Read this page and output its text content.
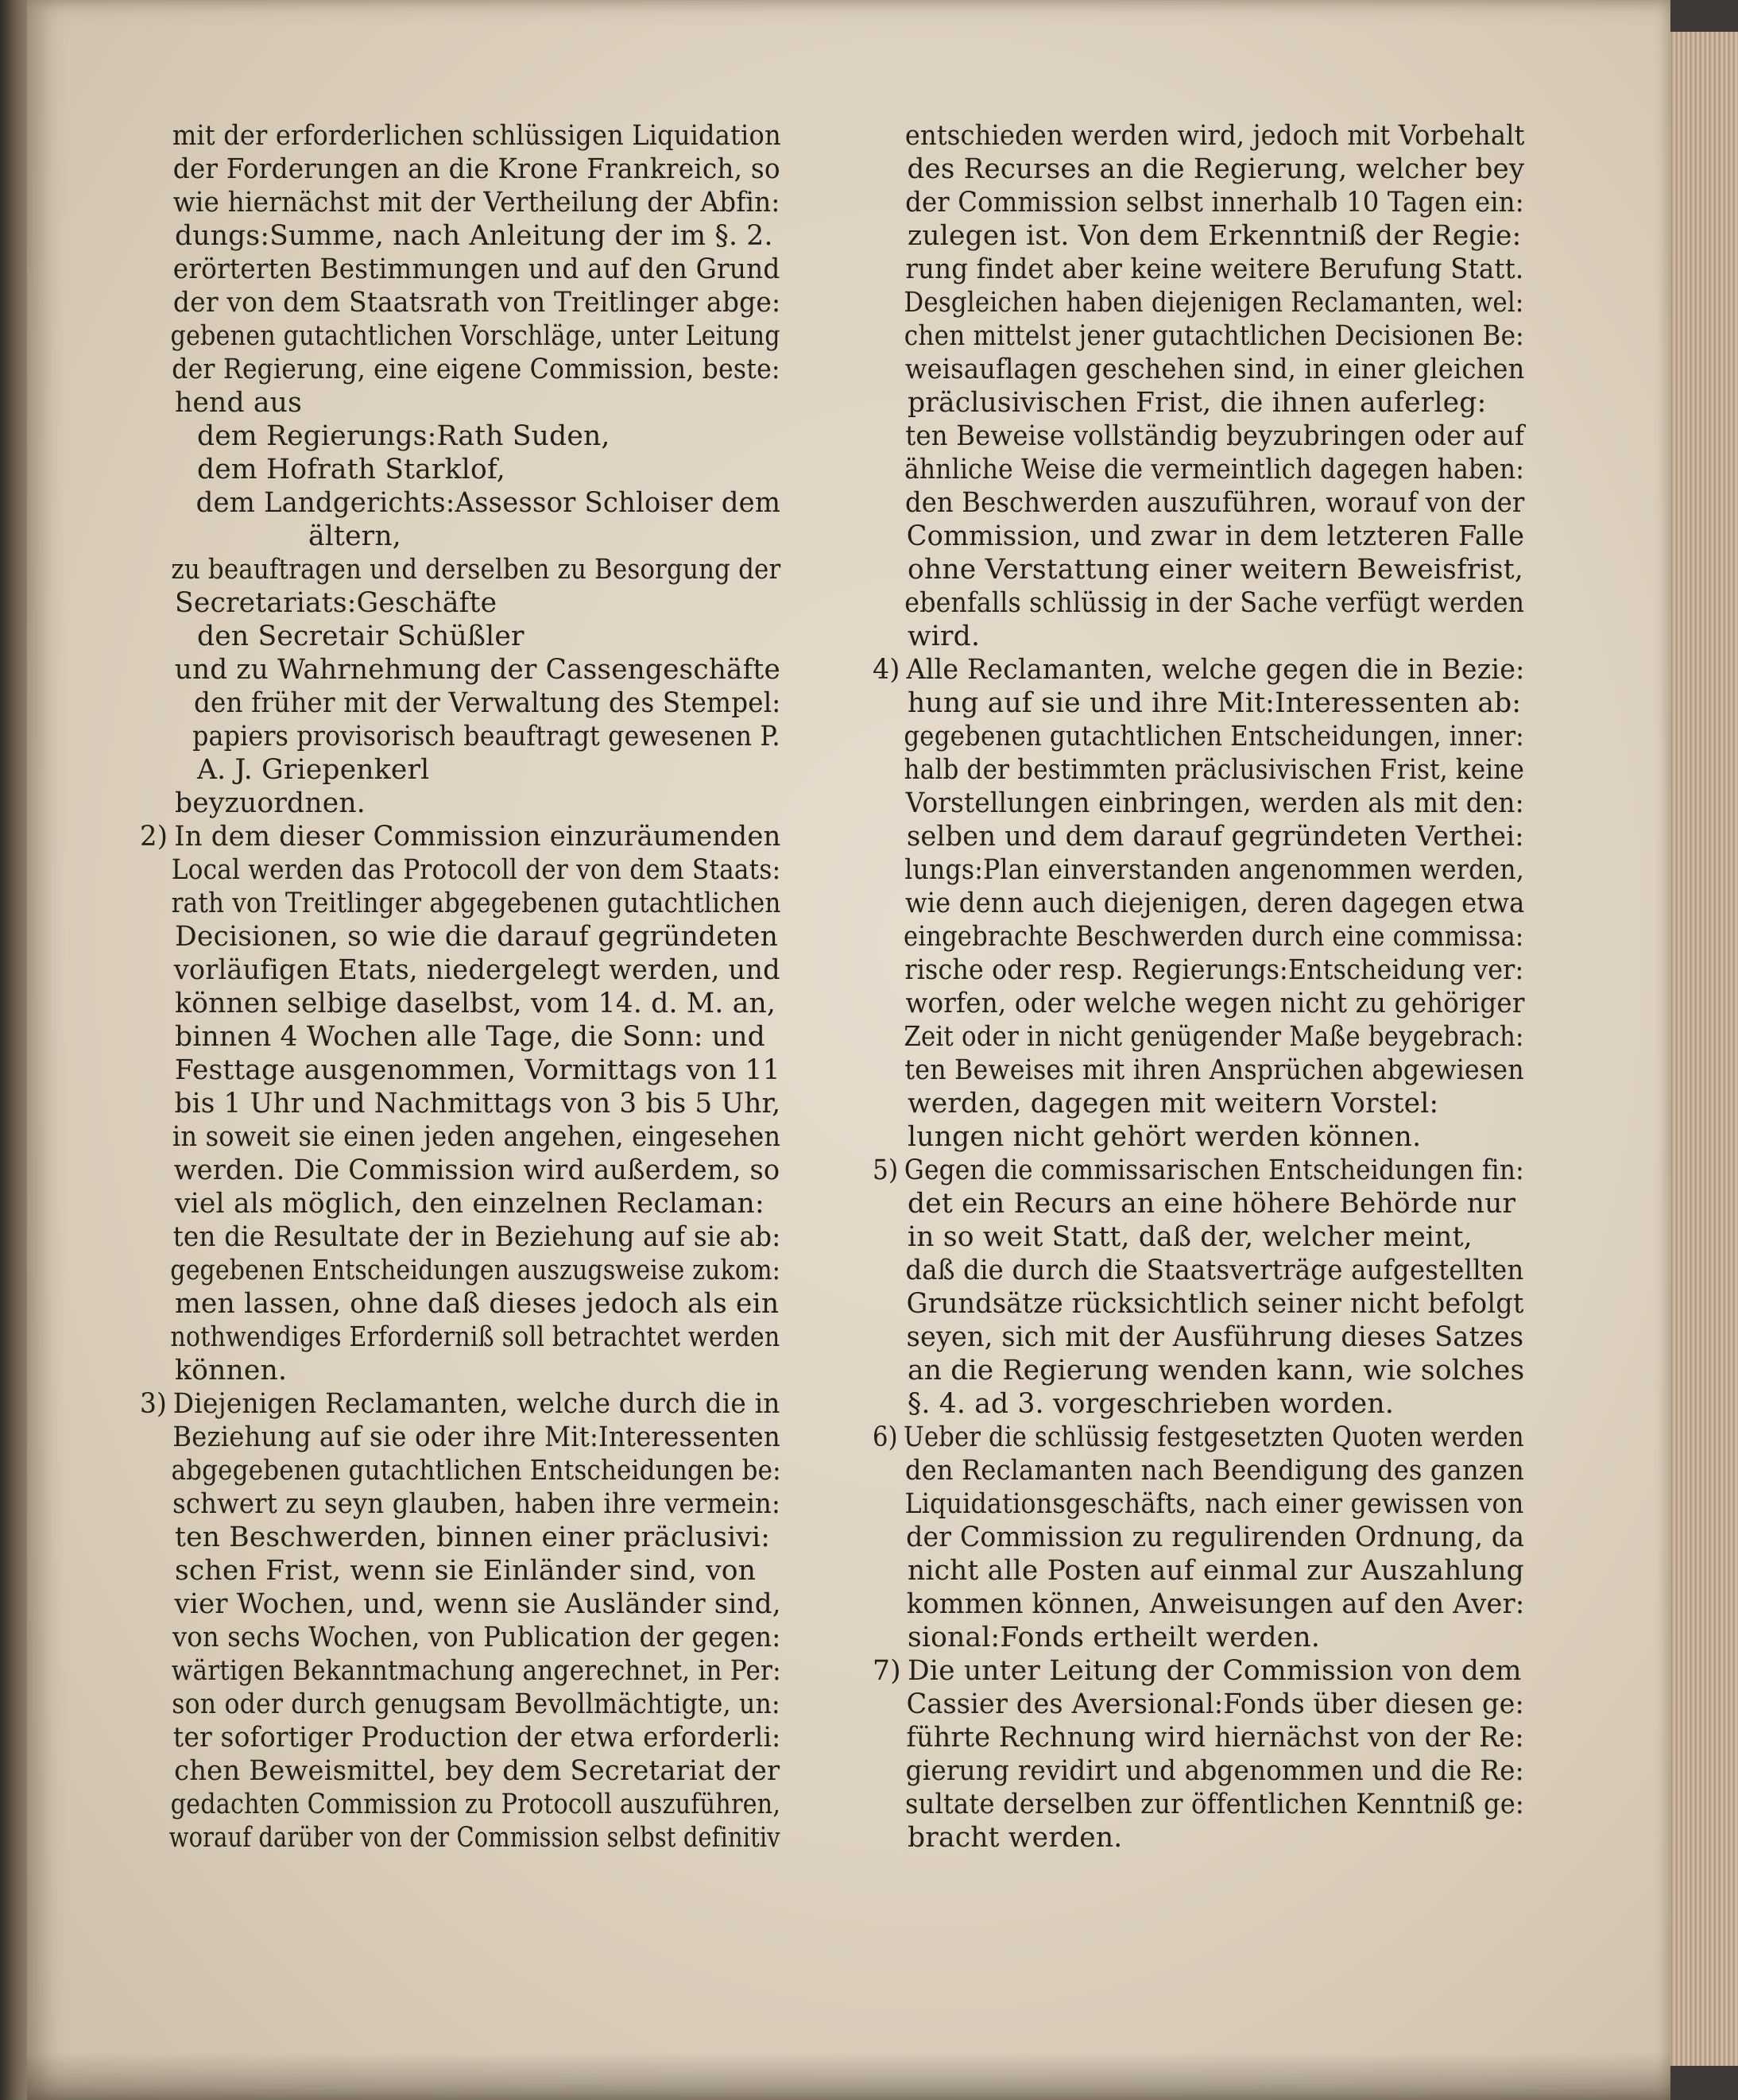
mit der erforderlichen schlüssigen Liquidation
der Forderungen an die Krone Frankreich, so
wie hiernächst mit der Vertheilung der Abfin:
dungs:Summe, nach Anleitung der im §. 2.
erörterten Bestimmungen und auf den Grund
der von dem Staatsrath von Treitlinger abge:
gebenen gutachtlichen Vorschläge, unter Leitung
der Regierung, eine eigene Commission, beste:
hend aus
dem Regierungs:Rath Suden,
dem Hofrath Starklof,
dem Landgerichts:Assessor Schloiser dem
ältern,
zu beauftragen und derselben zu Besorgung der
Secretariats:Geschäfte
den Secretair Schüßler
und zu Wahrnehmung der Cassengeschäfte
den früher mit der Verwaltung des Stempel:
papiers provisorisch beauftragt gewesenen P.
A. J. Griepenkerl
beyzuordnen.
2) In dem dieser Commission einzuräumenden
Local werden das Protocoll der von dem Staats:
rath von Treitlinger abgegebenen gutachtlichen
Decisionen, so wie die darauf gegründeten
vorläufigen Etats, niedergelegt werden, und
können selbige daselbst, vom 14. d. M. an,
binnen 4 Wochen alle Tage, die Sonn: und
Festtage ausgenommen, Vormittags von 11
bis 1 Uhr und Nachmittags von 3 bis 5 Uhr,
in soweit sie einen jeden angehen, eingesehen
werden. Die Commission wird außerdem, so
viel als möglich, den einzelnen Reclaman:
ten die Resultate der in Beziehung auf sie ab:
gegebenen Entscheidungen auszugsweise zukom:
men lassen, ohne daß dieses jedoch als ein
nothwendiges Erforderniß soll betrachtet werden
können.
3) Diejenigen Reclamanten, welche durch die in
Beziehung auf sie oder ihre Mit:Interessenten
abgegebenen gutachtlichen Entscheidungen be:
schwert zu seyn glauben, haben ihre vermein:
ten Beschwerden, binnen einer präclusivi:
schen Frist, wenn sie Einländer sind, von
vier Wochen, und, wenn sie Ausländer sind,
von sechs Wochen, von Publication der gegen:
wärtigen Bekanntmachung angerechnet, in Per:
son oder durch genugsam Bevollmächtigte, un:
ter sofortiger Production der etwa erforderli:
chen Beweismittel, bey dem Secretariat der
gedachten Commission zu Protocoll auszuführen,
worauf darüber von der Commission selbst definitiv
entschieden werden wird, jedoch mit Vorbehalt
des Recurses an die Regierung, welcher bey
der Commission selbst innerhalb 10 Tagen ein:
zulegen ist. Von dem Erkenntniß der Regie:
rung findet aber keine weitere Berufung Statt.
Desgleichen haben diejenigen Reclamanten, wel:
chen mittelst jener gutachtlichen Decisionen Be:
weisauflagen geschehen sind, in einer gleichen
präclusivischen Frist, die ihnen auferleg:
ten Beweise vollständig beyzubringen oder auf
ähnliche Weise die vermeintlich dagegen haben:
den Beschwerden auszuführen, worauf von der
Commission, und zwar in dem letzteren Falle
ohne Verstattung einer weitern Beweisfrist,
ebenfalls schlüssig in der Sache verfügt werden
wird.
4) Alle Reclamanten, welche gegen die in Bezie:
hung auf sie und ihre Mit:Interessenten ab:
gegebenen gutachtlichen Entscheidungen, inner:
halb der bestimmten präclusivischen Frist, keine
Vorstellungen einbringen, werden als mit den:
selben und dem darauf gegründeten Verthei:
lungs:Plan einverstanden angenommen werden,
wie denn auch diejenigen, deren dagegen etwa
eingebrachte Beschwerden durch eine commissa:
rische oder resp. Regierungs:Entscheidung ver:
worfen, oder welche wegen nicht zu gehöriger
Zeit oder in nicht genügender Maße beygebrach:
ten Beweises mit ihren Ansprüchen abgewiesen
werden, dagegen mit weitern Vorstel:
lungen nicht gehört werden können.
5) Gegen die commissarischen Entscheidungen fin:
det ein Recurs an eine höhere Behörde nur
in so weit Statt, daß der, welcher meint,
daß die durch die Staatsverträge aufgestellten
Grundsätze rücksichtlich seiner nicht befolgt
seyen, sich mit der Ausführung dieses Satzes
an die Regierung wenden kann, wie solches
§. 4. ad 3. vorgeschrieben worden.
6) Ueber die schlüssig festgesetzten Quoten werden
den Reclamanten nach Beendigung des ganzen
Liquidationsgeschäfts, nach einer gewissen von
der Commission zu regulirenden Ordnung, da
nicht alle Posten auf einmal zur Auszahlung
kommen können, Anweisungen auf den Aver:
sional:Fonds ertheilt werden.
7) Die unter Leitung der Commission von dem
Cassier des Aversional:Fonds über diesen ge:
führte Rechnung wird hiernächst von der Re:
gierung revidirt und abgenommen und die Re:
sultate derselben zur öffentlichen Kenntniß ge:
bracht werden.
